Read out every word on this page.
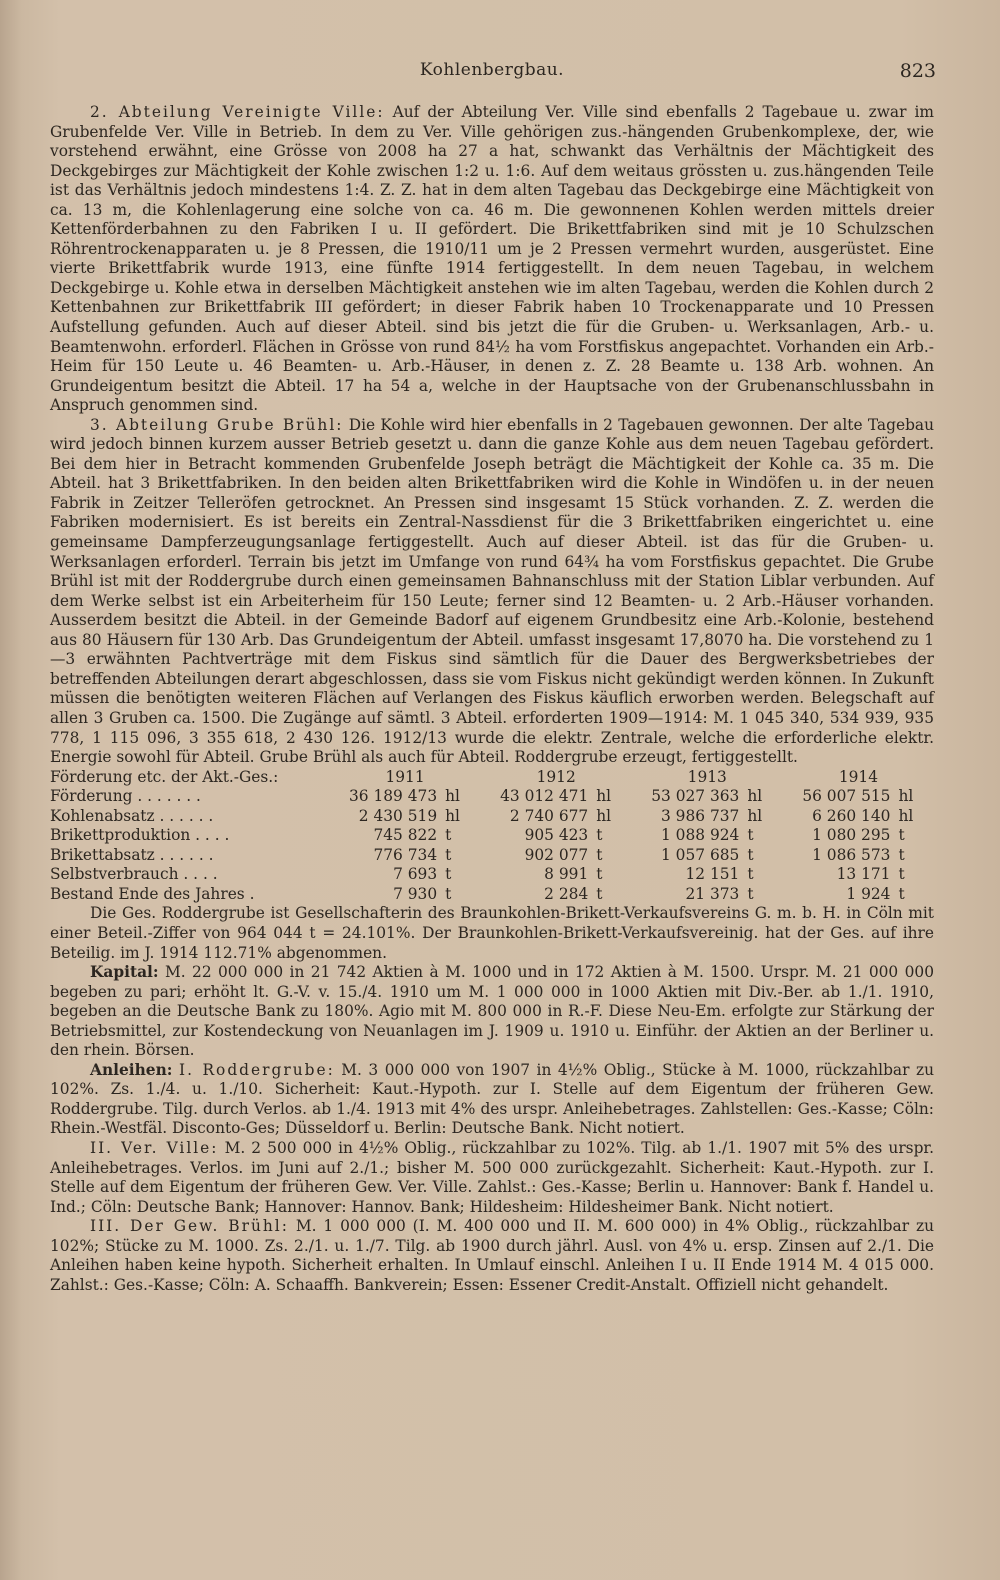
Kohlenbergbau.	823

2. Abteilung Vereinigte Ville: Auf der Abteilung Ver. Ville sind ebenfalls 2 Tagebaue u. zwar im Grubenfelde Ver. Ville in Betrieb. In dem zu Ver. Ville gehörigen zus.-hängenden Grubenkomplexe, der, wie vorstehend erwähnt, eine Grösse von 2008 ha 27 a hat, schwankt das Verhältnis der Mächtigkeit des Deckgebirges zur Mächtigkeit der Kohle zwischen 1:2 u. 1:6. Auf dem weitaus grössten u. zus.hängenden Teile ist das Verhältnis jedoch mindestens 1:4. Z. Z. hat in dem alten Tagebau das Deckgebirge eine Mächtigkeit von ca. 13 m, die Kohlenlagerung eine solche von ca. 46 m. Die gewonnenen Kohlen werden mittels dreier Kettenförderbahnen zu den Fabriken I u. II gefördert. Die Brikettfabriken sind mit je 10 Schulzschen Röhrentrockenapparaten u. je 8 Pressen, die 1910/11 um je 2 Pressen vermehrt wurden, ausgerüstet. Eine vierte Brikettfabrik wurde 1913, eine fünfte 1914 fertiggestellt. In dem neuen Tagebau, in welchem Deckgebirge u. Kohle etwa in derselben Mächtigkeit anstehen wie im alten Tagebau, werden die Kohlen durch 2 Kettenbahnen zur Brikettfabrik III gefördert; in dieser Fabrik haben 10 Trockenapparate und 10 Pressen Aufstellung gefunden. Auch auf dieser Abteil. sind bis jetzt die für die Gruben- u. Werksanlagen, Arb.- u. Beamtenwohn. erforderl. Flächen in Grösse von rund 84½ ha vom Forstfiskus angepachtet. Vorhanden ein Arb.-Heim für 150 Leute u. 46 Beamten- u. Arb.-Häuser, in denen z. Z. 28 Beamte u. 138 Arb. wohnen. An Grundeigentum besitzt die Abteil. 17 ha 54 a, welche in der Hauptsache von der Grubenanschlussbahn in Anspruch genommen sind.

3. Abteilung Grube Brühl: Die Kohle wird hier ebenfalls in 2 Tagebauen gewonnen. Der alte Tagebau wird jedoch binnen kurzem ausser Betrieb gesetzt u. dann die ganze Kohle aus dem neuen Tagebau gefördert. Bei dem hier in Betracht kommenden Grubenfelde Joseph beträgt die Mächtigkeit der Kohle ca. 35 m. Die Abteil. hat 3 Brikettfabriken. In den beiden alten Brikettfabriken wird die Kohle in Windöfen u. in der neuen Fabrik in Zeitzer Telleröfen getrocknet. An Pressen sind insgesamt 15 Stück vorhanden. Z. Z. werden die Fabriken modernisiert. Es ist bereits ein Zentral-Nassdienst für die 3 Brikettfabriken eingerichtet u. eine gemeinsame Dampferzeugungsanlage fertiggestellt. Auch auf dieser Abteil. ist das für die Gruben- u. Werksanlagen erforderl. Terrain bis jetzt im Umfange von rund 64¾ ha vom Forstfiskus gepachtet. Die Grube Brühl ist mit der Roddergrube durch einen gemeinsamen Bahnanschluss mit der Station Liblar verbunden. Auf dem Werke selbst ist ein Arbeiterheim für 150 Leute; ferner sind 12 Beamten- u. 2 Arb.-Häuser vorhanden. Ausserdem besitzt die Abteil. in der Gemeinde Badorf auf eigenem Grundbesitz eine Arb.-Kolonie, bestehend aus 80 Häusern für 130 Arb. Das Grundeigentum der Abteil. umfasst insgesamt 17,8070 ha. Die vorstehend zu 1—3 erwähnten Pachtverträge mit dem Fiskus sind sämtlich für die Dauer des Bergwerksbetriebes der betreffenden Abteilungen derart abgeschlossen, dass sie vom Fiskus nicht gekündigt werden können. In Zukunft müssen die benötigten weiteren Flächen auf Verlangen des Fiskus käuflich erworben werden. Belegschaft auf allen 3 Gruben ca. 1500. Die Zugänge auf sämtl. 3 Abteil. erforderten 1909—1914: M. 1 045 340, 534 939, 935 778, 1 115 096, 3 355 618, 2 430 126. 1912/13 wurde die elektr. Zentrale, welche die erforderliche elektr. Energie sowohl für Abteil. Grube Brühl als auch für Abteil. Roddergrube erzeugt, fertiggestellt.

Förderung etc. der Akt.-Ges.:	1911		1912		1913		1914	
Förderung . . . . . . .	36 189 473	hl	43 012 471	hl	53 027 363	hl	56 007 515	hl
Kohlenabsatz . . . . . .	2 430 519	hl	2 740 677	hl	3 986 737	hl	6 260 140	hl
Brikettproduktion . . . .	745 822	t	905 423	t	1 088 924	t	1 080 295	t
Brikettabsatz . . . . . .	776 734	t	902 077	t	1 057 685	t	1 086 573	t
Selbstverbrauch . . . .	7 693	t	8 991	t	12 151	t	13 171	t
Bestand Ende des Jahres .	7 930	t	2 284	t	21 373	t	1 924	t

Die Ges. Roddergrube ist Gesellschafterin des Braunkohlen-Brikett-Verkaufsvereins G. m. b. H. in Cöln mit einer Beteil.-Ziffer von 964 044 t = 24.101%. Der Braunkohlen-Brikett-Verkaufsvereinig. hat der Ges. auf ihre Beteilig. im J. 1914 112.71% abgenommen.

Kapital: M. 22 000 000 in 21 742 Aktien à M. 1000 und in 172 Aktien à M. 1500. Urspr. M. 21 000 000 begeben zu pari; erhöht lt. G.-V. v. 15./4. 1910 um M. 1 000 000 in 1000 Aktien mit Div.-Ber. ab 1./1. 1910, begeben an die Deutsche Bank zu 180%. Agio mit M. 800 000 in R.-F. Diese Neu-Em. erfolgte zur Stärkung der Betriebsmittel, zur Kostendeckung von Neuanlagen im J. 1909 u. 1910 u. Einführ. der Aktien an der Berliner u. den rhein. Börsen.

Anleihen: I. Roddergrube: M. 3 000 000 von 1907 in 4½% Oblig., Stücke à M. 1000, rückzahlbar zu 102%. Zs. 1./4. u. 1./10. Sicherheit: Kaut.-Hypoth. zur I. Stelle auf dem Eigentum der früheren Gew. Roddergrube. Tilg. durch Verlos. ab 1./4. 1913 mit 4% des urspr. Anleihebetrages. Zahlstellen: Ges.-Kasse; Cöln: Rhein.-Westfäl. Disconto-Ges; Düsseldorf u. Berlin: Deutsche Bank. Nicht notiert.

II. Ver. Ville: M. 2 500 000 in 4½% Oblig., rückzahlbar zu 102%. Tilg. ab 1./1. 1907 mit 5% des urspr. Anleihebetrages. Verlos. im Juni auf 2./1.; bisher M. 500 000 zurückgezahlt. Sicherheit: Kaut.-Hypoth. zur I. Stelle auf dem Eigentum der früheren Gew. Ver. Ville. Zahlst.: Ges.-Kasse; Berlin u. Hannover: Bank f. Handel u. Ind.; Cöln: Deutsche Bank; Hannover: Hannov. Bank; Hildesheim: Hildesheimer Bank. Nicht notiert.

III. Der Gew. Brühl: M. 1 000 000 (I. M. 400 000 und II. M. 600 000) in 4% Oblig., rückzahlbar zu 102%; Stücke zu M. 1000. Zs. 2./1. u. 1./7. Tilg. ab 1900 durch jährl. Ausl. von 4% u. ersp. Zinsen auf 2./1. Die Anleihen haben keine hypoth. Sicherheit erhalten. In Umlauf einschl. Anleihen I u. II Ende 1914 M. 4 015 000. Zahlst.: Ges.-Kasse; Cöln: A. Schaaffh. Bankverein; Essen: Essener Credit-Anstalt. Offiziell nicht gehandelt.
